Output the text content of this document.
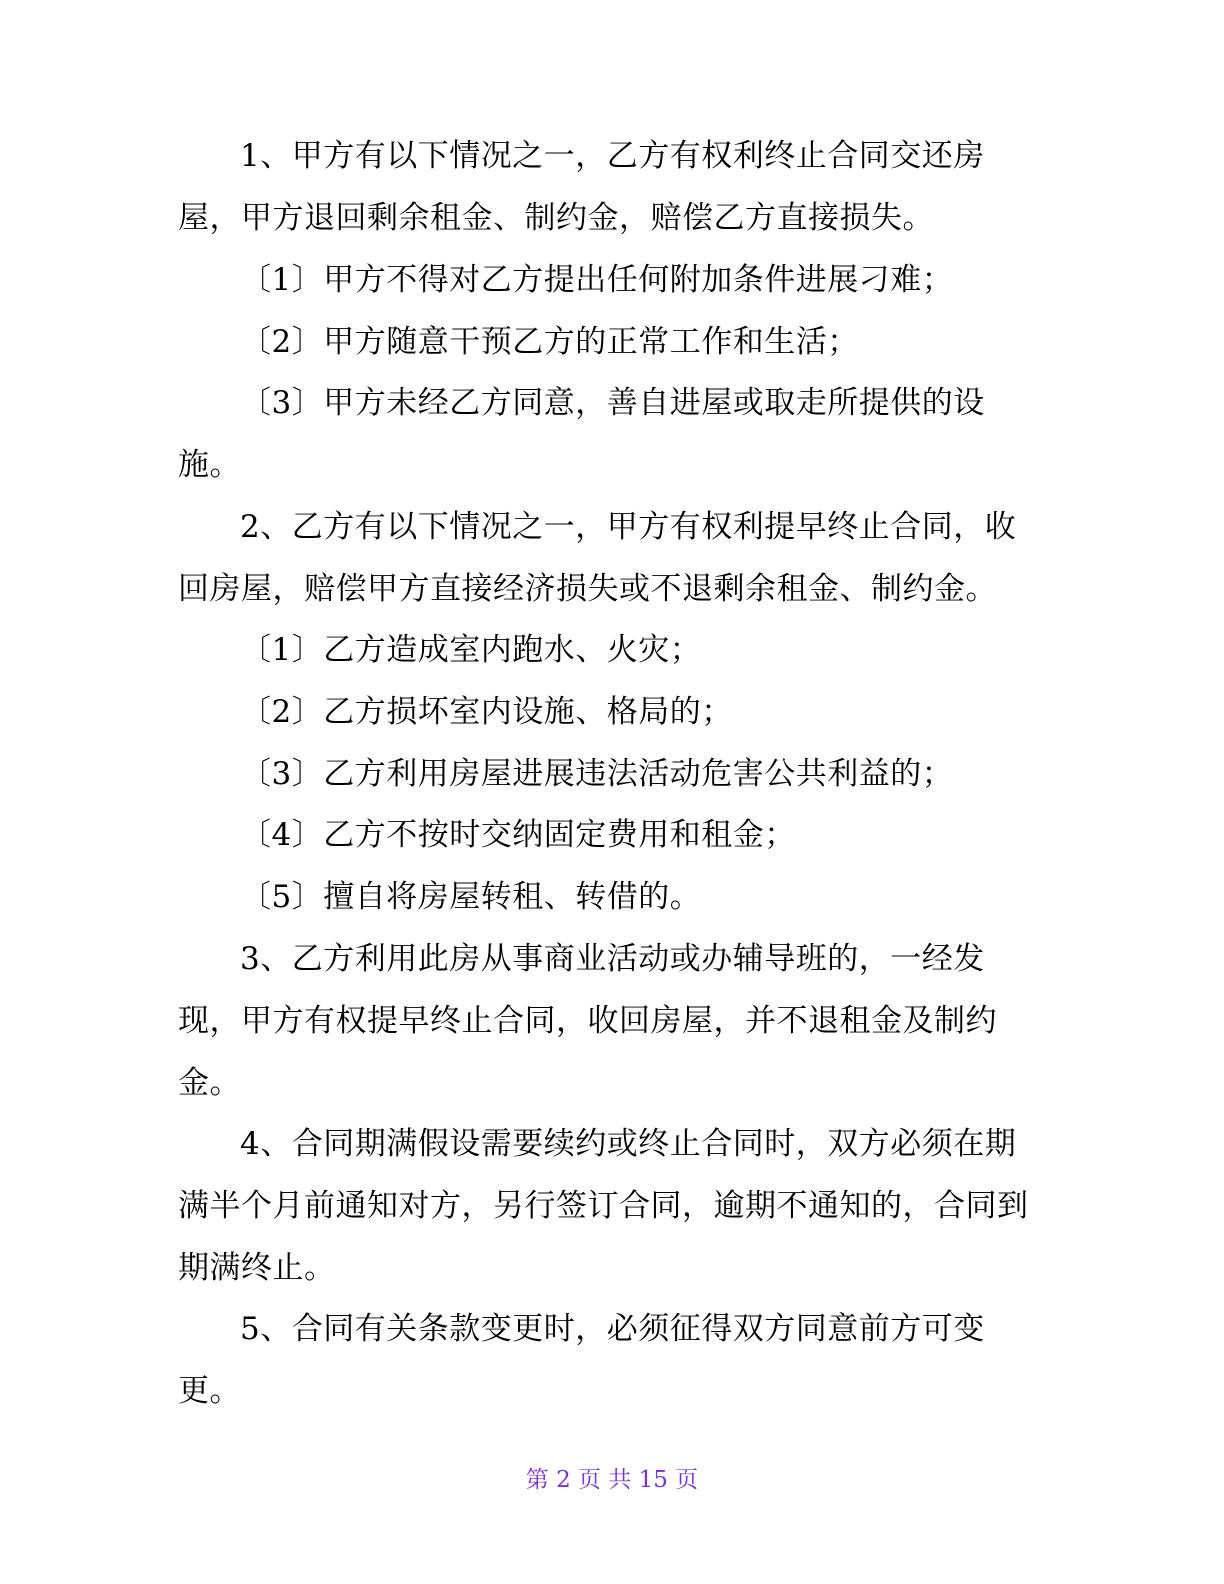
1、甲方有以下情况之一，乙方有权利终止合同交还房
屋，甲方退回剩余租金、制约金，赔偿乙方直接损失。
〔1〕甲方不得对乙方提出任何附加条件进展刁难；
〔2〕甲方随意干预乙方的正常工作和生活；
〔3〕甲方未经乙方同意，善自进屋或取走所提供的设
施。
2、乙方有以下情况之一，甲方有权利提早终止合同，收
回房屋，赔偿甲方直接经济损失或不退剩余租金、制约金。
〔1〕乙方造成室内跑水、火灾；
〔2〕乙方损坏室内设施、格局的；
〔3〕乙方利用房屋进展违法活动危害公共利益的；
〔4〕乙方不按时交纳固定费用和租金；
〔5〕擅自将房屋转租、转借的。
3、乙方利用此房从事商业活动或办辅导班的，一经发
现，甲方有权提早终止合同，收回房屋，并不退租金及制约
金。
4、合同期满假设需要续约或终止合同时，双方必须在期
满半个月前通知对方，另行签订合同，逾期不通知的，合同到
期满终止。
5、合同有关条款变更时，必须征得双方同意前方可变
更。
第 2 页 共 15 页
